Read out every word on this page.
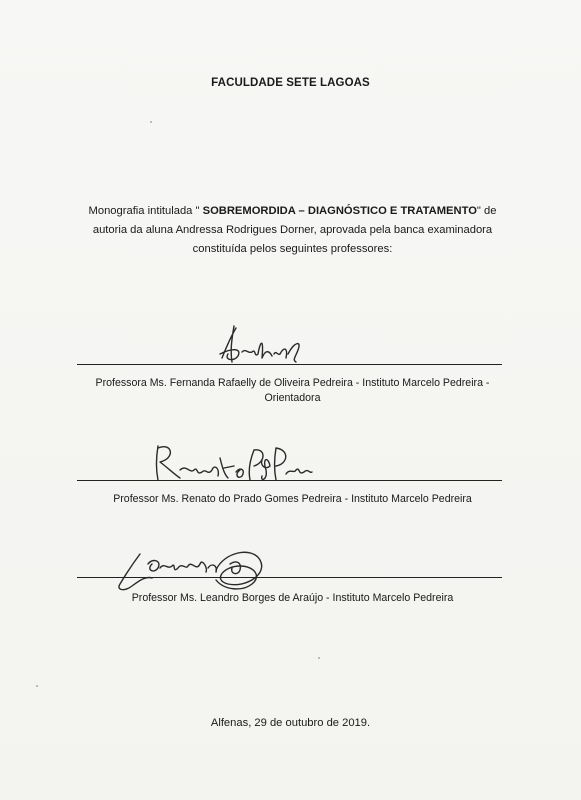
FACULDADE SETE LAGOAS
Monografia intitulada " SOBREMORDIDA – DIAGNÓSTICO E TRATAMENTO" de
autoria da aluna Andressa Rodrigues Dorner, aprovada pela banca examinadora
constituída pelos seguintes professores:
Professora Ms. Fernanda Rafaelly de Oliveira Pedreira - Instituto Marcelo Pedreira -
Orientadora
Professor Ms. Renato do Prado Gomes Pedreira - Instituto Marcelo Pedreira
Professor Ms. Leandro Borges de Araújo - Instituto Marcelo Pedreira
Alfenas, 29 de outubro de 2019.
